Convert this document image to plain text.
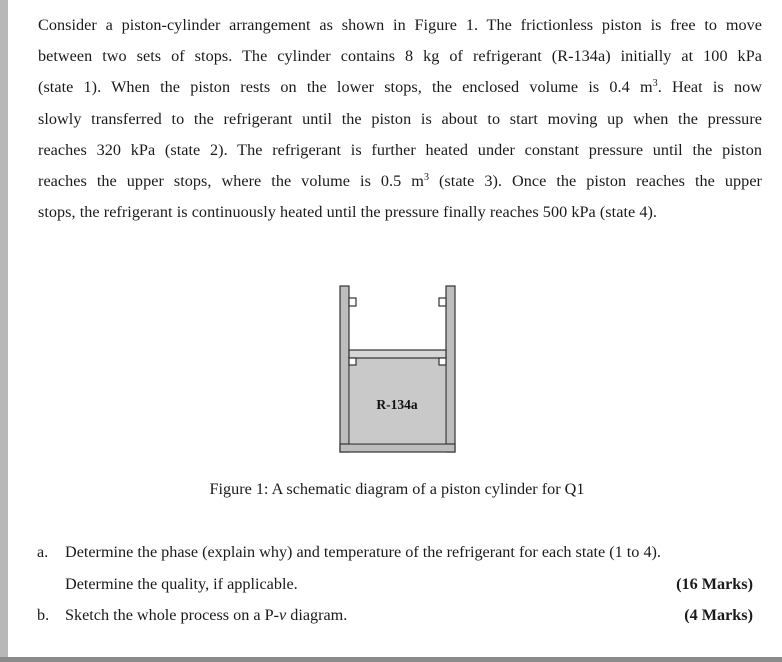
Consider a piston-cylinder arrangement as shown in Figure 1. The frictionless piston is free to move
between two sets of stops. The cylinder contains 8 kg of refrigerant (R-134a) initially at 100 kPa
(state 1). When the piston rests on the lower stops, the enclosed volume is 0.4 $m^3$. Heat is now
slowly transferred to the refrigerant until the piston is about to start moving up when the pressure
reaches 320 kPa (state 2). The refrigerant is further heated under constant pressure until the piston
reaches the upper stops, where the volume is 0.5 $m^3$ (state 3). Once the piston reaches the upper
stops, the refrigerant is continuously heated until the pressure finally reaches 500 kPa (state 4).
R-134a
Figure 1: A schematic diagram of a piston cylinder for Q1
a. Determine the phase (explain why) and temperature of the refrigerant for each state (1 to 4).
Determine the quality, if applicable.	(16 Marks)
b. Sketch the whole process on a P-v diagram.	(4 Marks)
